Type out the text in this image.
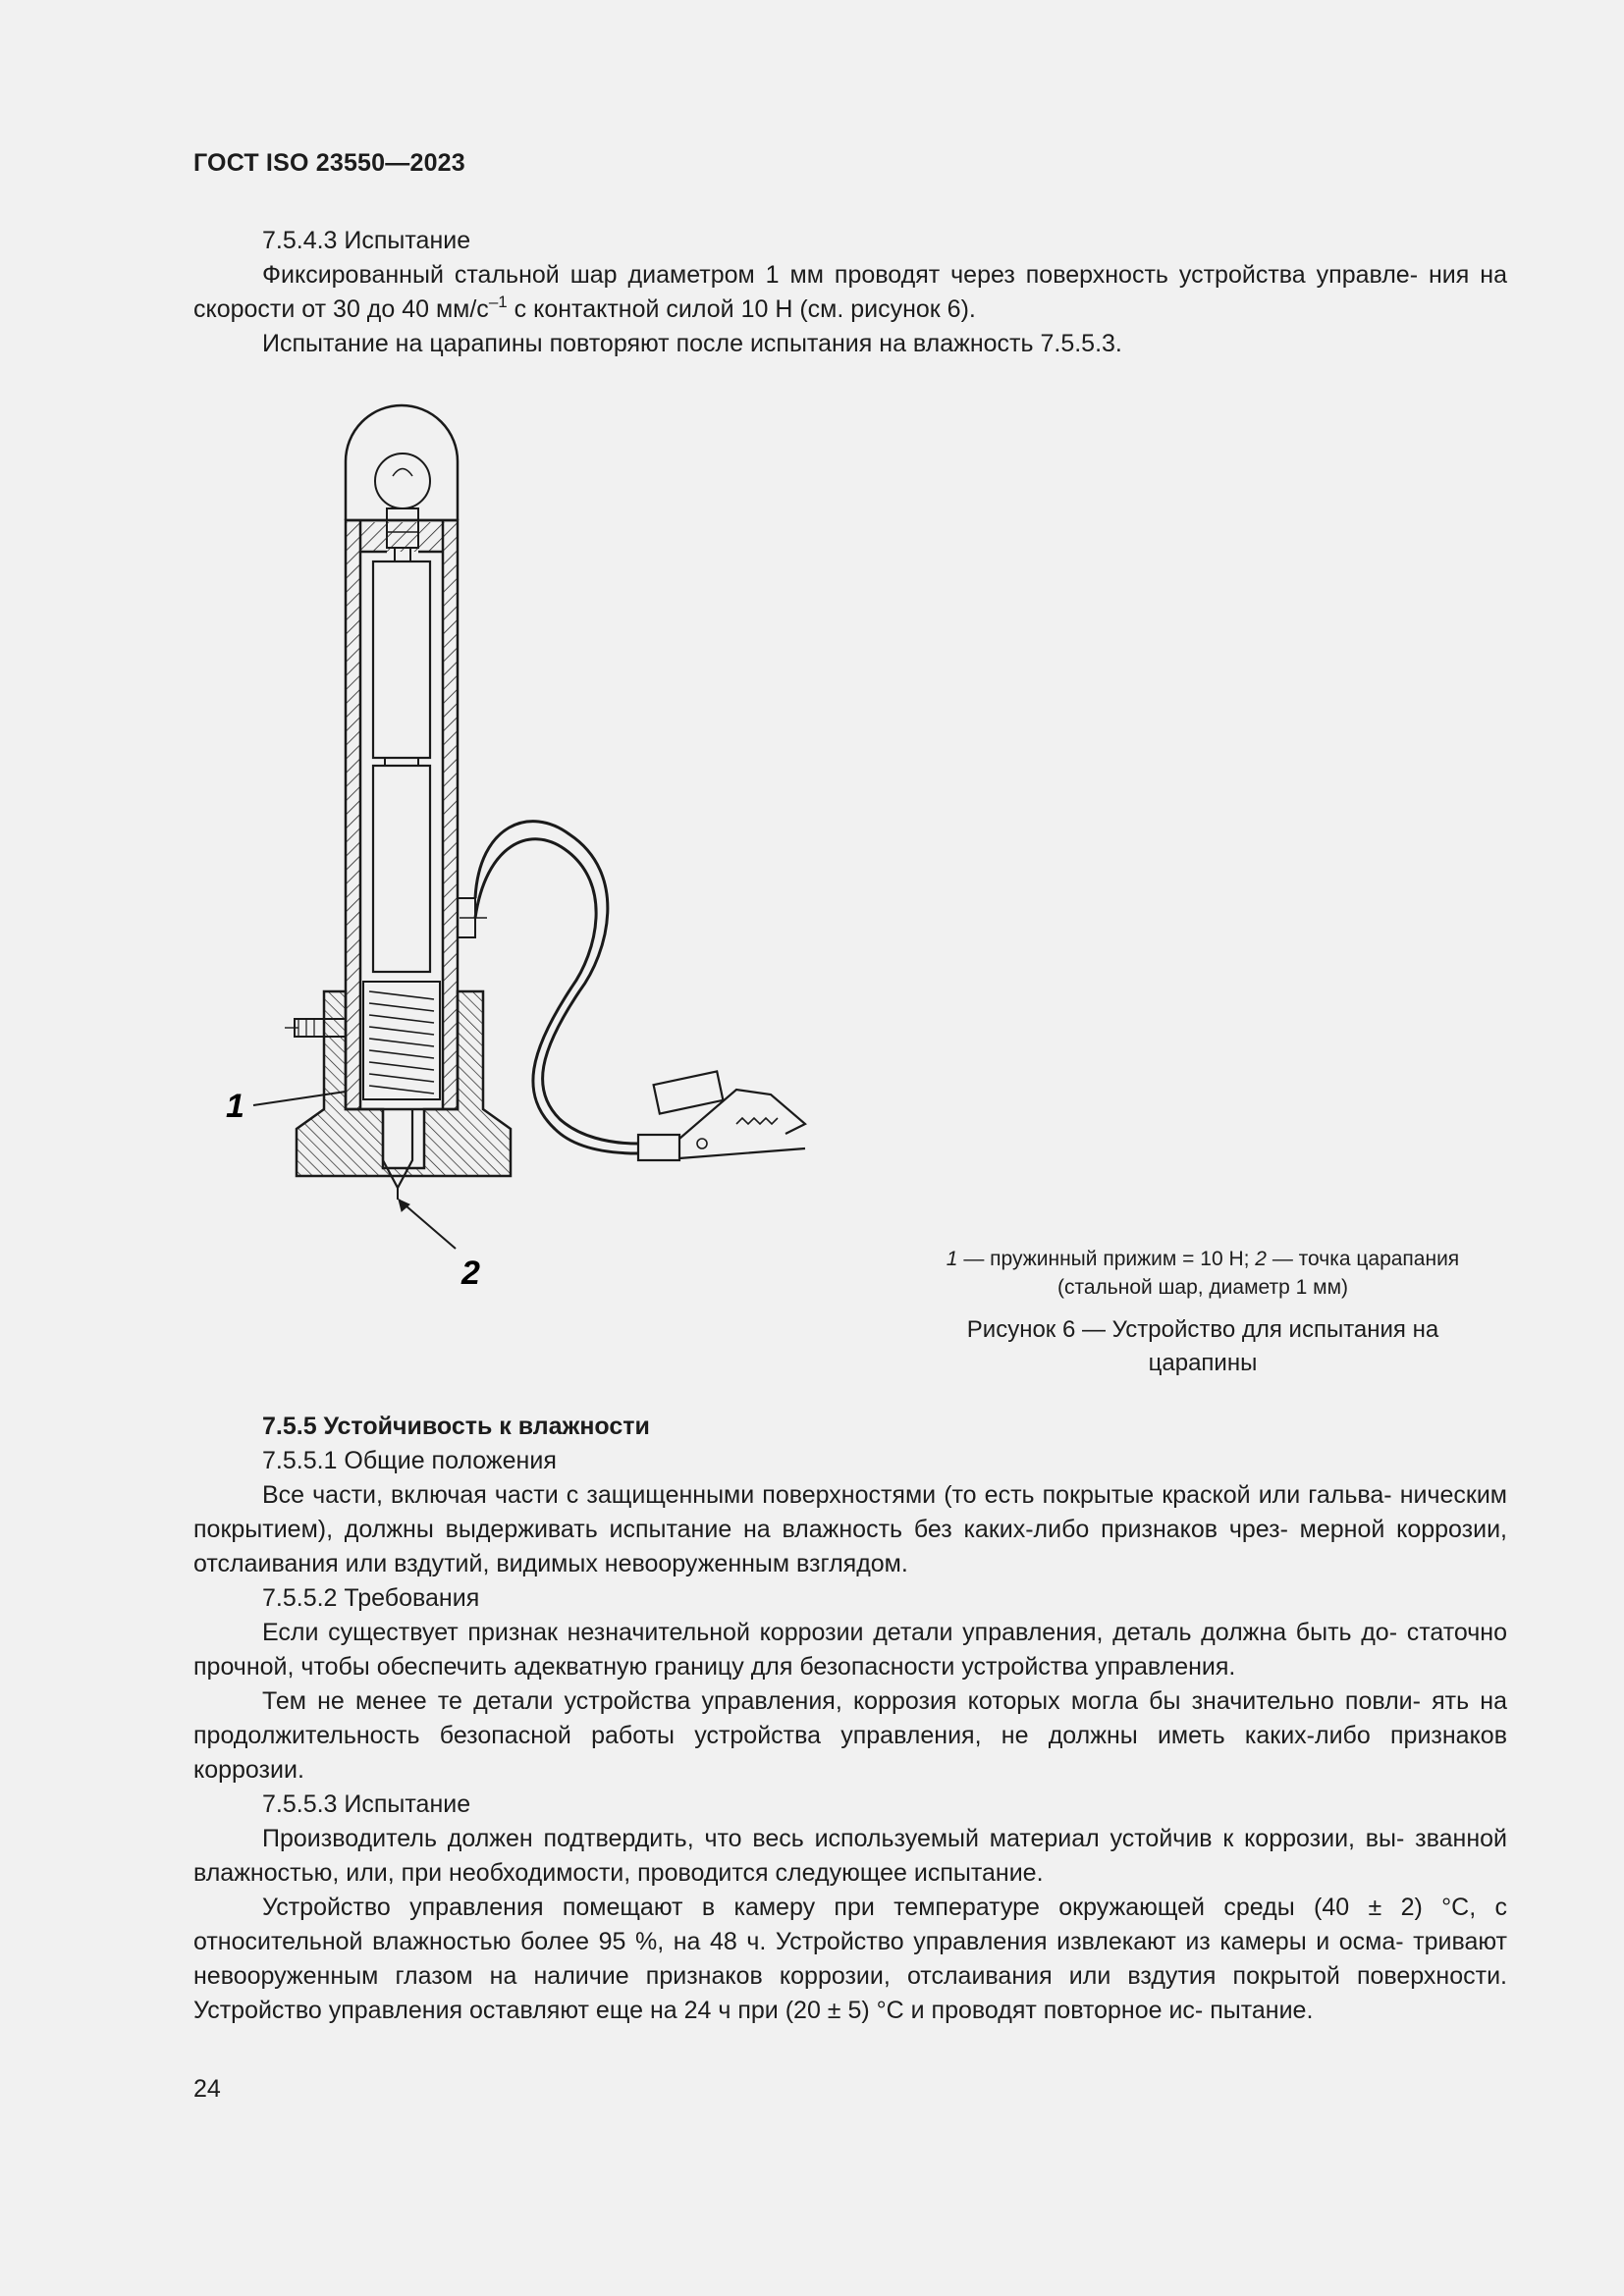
ГОСТ ISO 23550—2023

7.5.4.3 Испытание

Фиксированный стальной шар диаметром 1 мм проводят через поверхность устройства управле- ния на скорости от 30 до 40 $мм/с^{-1}$ с контактной силой 10 Н (см. рисунок 6).

Испытание на царапины повторяют после испытания на влажность 7.5.5.3.

1
2	1 — пружинный прижим = 10 Н; 2 — точка царапания (стальной шар, диаметр 1 мм)
Рисунок 6 — Устройство для испытания на царапины

7.5.5 Устойчивость к влажности

7.5.5.1 Общие положения

Все части, включая части с защищенными поверхностями (то есть покрытые краской или гальва- ническим покрытием), должны выдерживать испытание на влажность без каких-либо признаков чрез- мерной коррозии, отслаивания или вздутий, видимых невооруженным взглядом.

7.5.5.2 Требования

Если существует признак незначительной коррозии детали управления, деталь должна быть до- статочно прочной, чтобы обеспечить адекватную границу для безопасности устройства управления.

Тем не менее те детали устройства управления, коррозия которых могла бы значительно повли- ять на продолжительность безопасной работы устройства управления, не должны иметь каких-либо признаков коррозии.

7.5.5.3 Испытание

Производитель должен подтвердить, что весь используемый материал устойчив к коррозии, вы- званной влажностью, или, при необходимости, проводится следующее испытание.

Устройство управления помещают в камеру при температуре окружающей среды (40 ± 2) °C, с относительной влажностью более 95 %, на 48 ч. Устройство управления извлекают из камеры и осма- тривают невооруженным глазом на наличие признаков коррозии, отслаивания или вздутия покрытой поверхности. Устройство управления оставляют еще на 24 ч при (20 ± 5) °C и проводят повторное ис- пытание.

24
